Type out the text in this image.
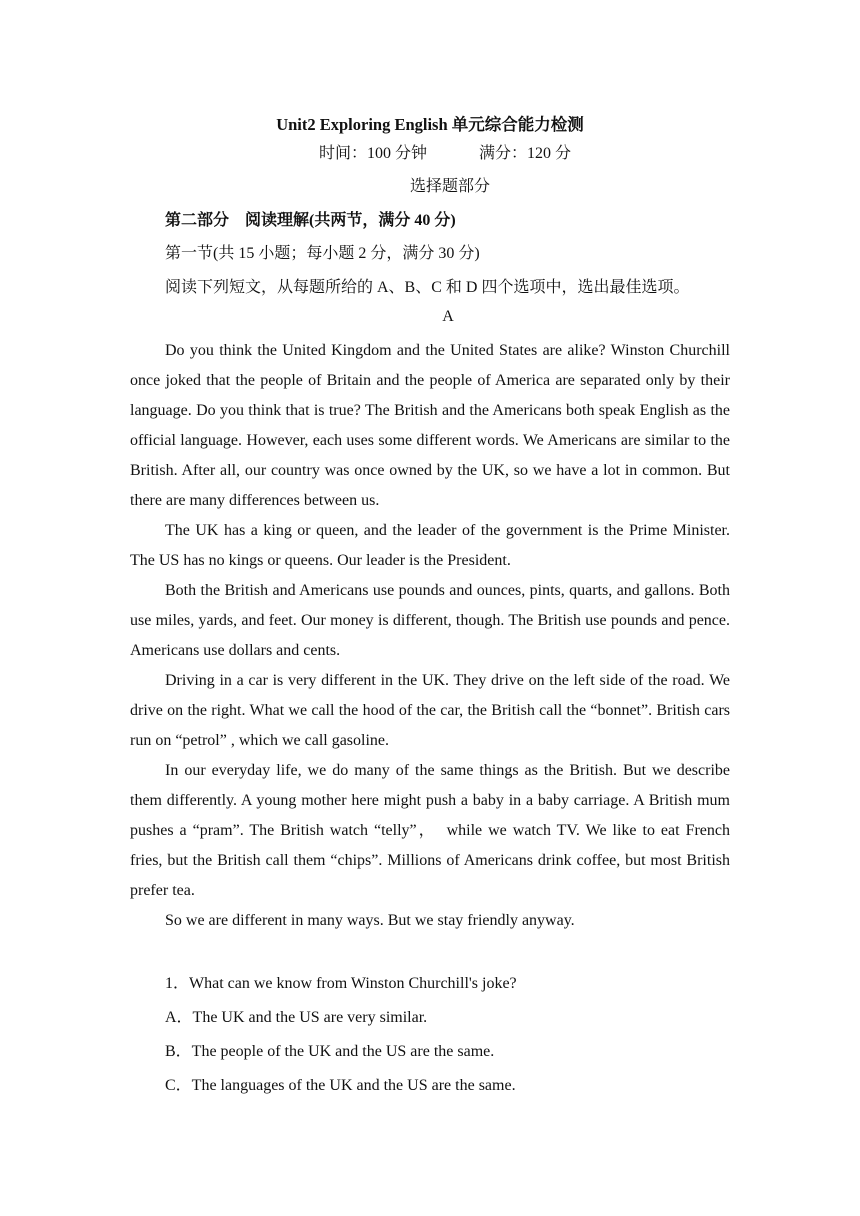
Unit2 Exploring English 单元综合能力检测
时间：100 分钟	满分：120 分
选择题部分
第二部分　阅读理解(共两节，满分 40 分)
第一节(共 15 小题；每小题 2 分，满分 30 分)
阅读下列短文，从每题所给的 A、B、C 和 D 四个选项中，选出最佳选项。
A

Do you think the United Kingdom and the United States are alike? Winston Churchill once joked that the people of Britain and the people of America are separated only by their language. Do you think that is true? The British and the Americans both speak English as the official language. However, each uses some different words. We Americans are similar to the British. After all, our country was once owned by the UK, so we have a lot in common. But there are many differences between us.

The UK has a king or queen, and the leader of the government is the Prime Minister. The US has no kings or queens. Our leader is the President.

Both the British and Americans use pounds and ounces, pints, quarts, and gallons. Both use miles, yards, and feet. Our money is different, though. The British use pounds and pence. Americans use dollars and cents.

Driving in a car is very different in the UK. They drive on the left side of the road. We drive on the right. What we call the hood of the car, the British call the “bonnet”. British cars run on “petrol” , which we call gasoline.

In our everyday life, we do many of the same things as the British. But we describe them differently. A young mother here might push a baby in a baby carriage. A British mum pushes a “pram”. The British watch “telly”，　while we watch TV. We like to eat French fries, but the British call them “chips”. Millions of Americans drink coffee, but most British prefer tea.

So we are different in many ways. But we stay friendly anyway.

1．What can we know from Winston Churchill's joke?
A．The UK and the US are very similar.
B．The people of the UK and the US are the same.
C．The languages of the UK and the US are the same.
